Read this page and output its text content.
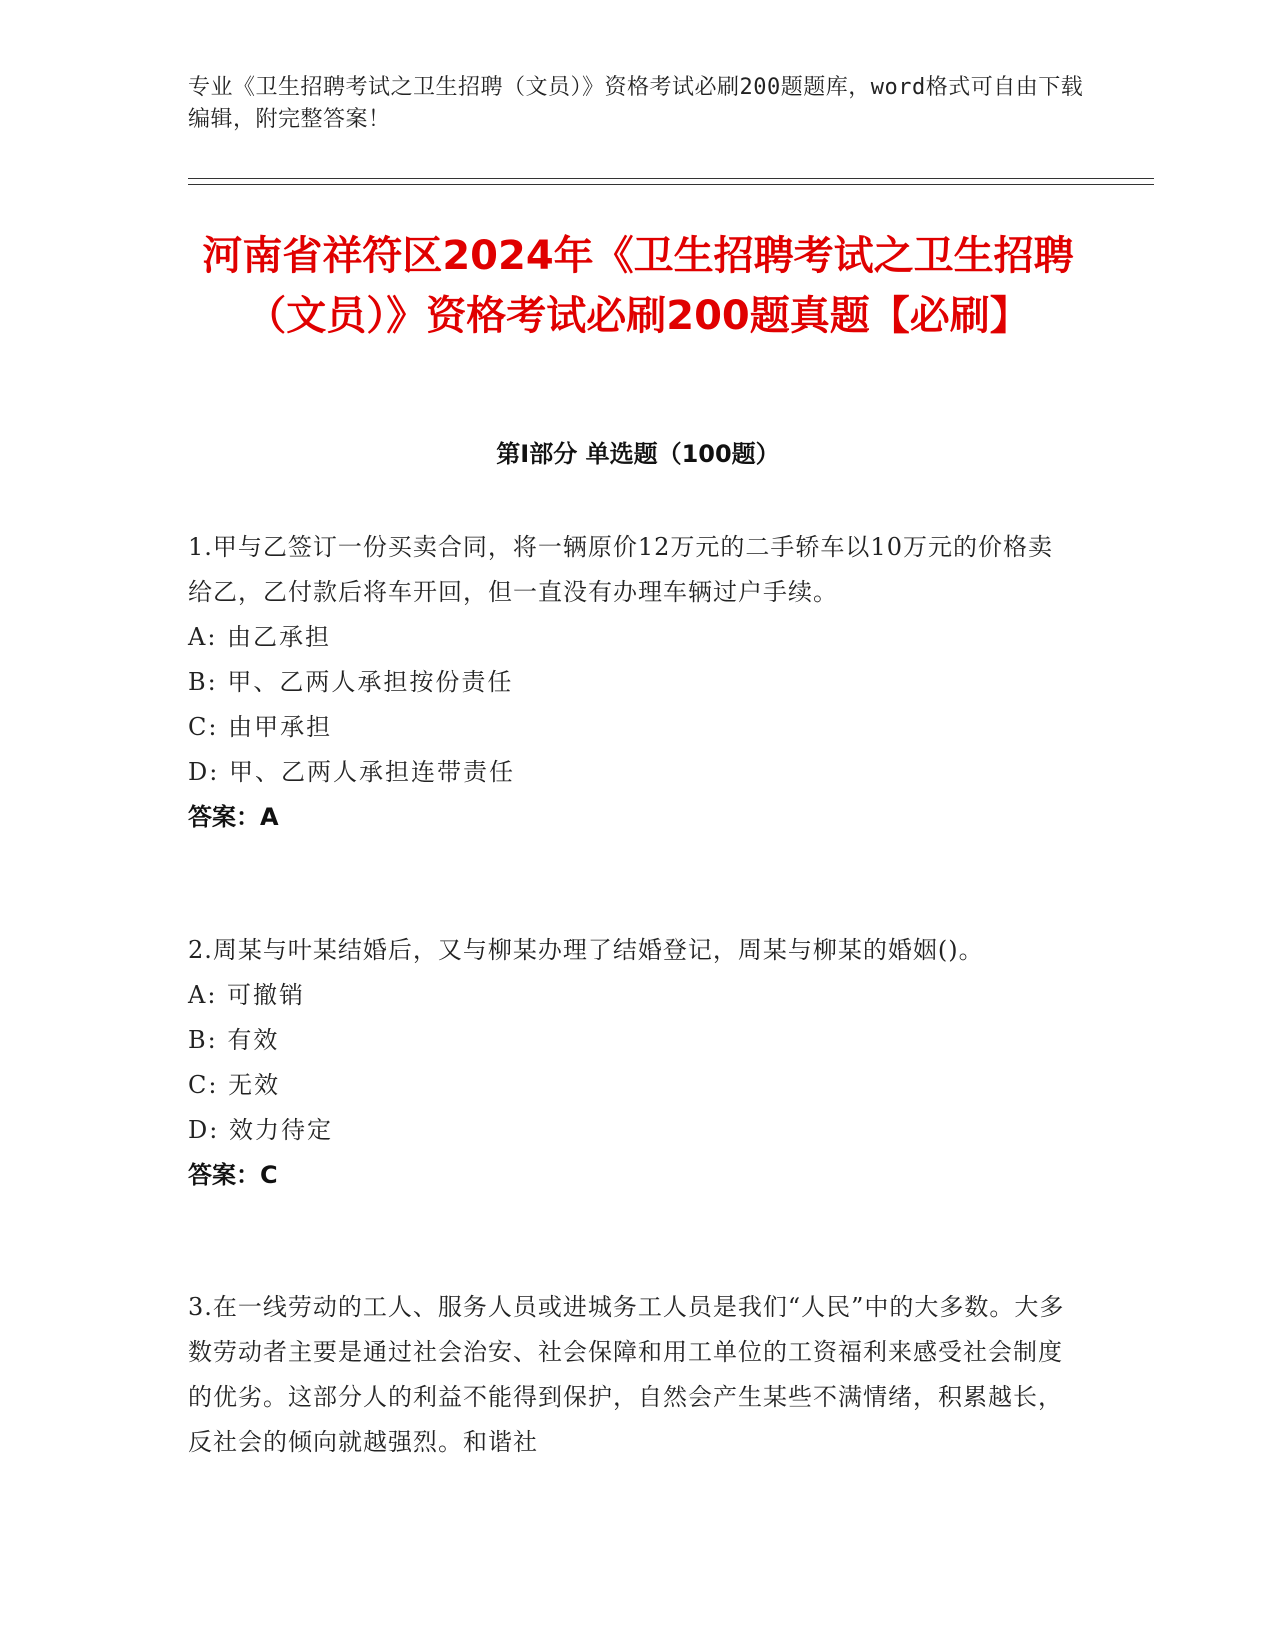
专业《卫生招聘考试之卫生招聘（文员）》资格考试必刷200题题库，word格式可自由下载编辑，附完整答案！
河南省祥符区2024年《卫生招聘考试之卫生招聘（文员）》资格考试必刷200题真题【必刷】
第Ⅰ部分 单选题（100题）
1.甲与乙签订一份买卖合同，将一辆原价12万元的二手轿车以10万元的价格卖给乙，乙付款后将车开回，但一直没有办理车辆过户手续。
A: 由乙承担
B: 甲、乙两人承担按份责任
C: 由甲承担
D: 甲、乙两人承担连带责任
答案：A
2.周某与叶某结婚后，又与柳某办理了结婚登记，周某与柳某的婚姻()。
A: 可撤销
B: 有效
C: 无效
D: 效力待定
答案：C
3.在一线劳动的工人、服务人员或进城务工人员是我们“人民”中的大多数。大多数劳动者主要是通过社会治安、社会保障和用工单位的工资福利来感受社会制度的优劣。这部分人的利益不能得到保护，自然会产生某些不满情绪，积累越长，反社会的倾向就越强烈。和谐社
